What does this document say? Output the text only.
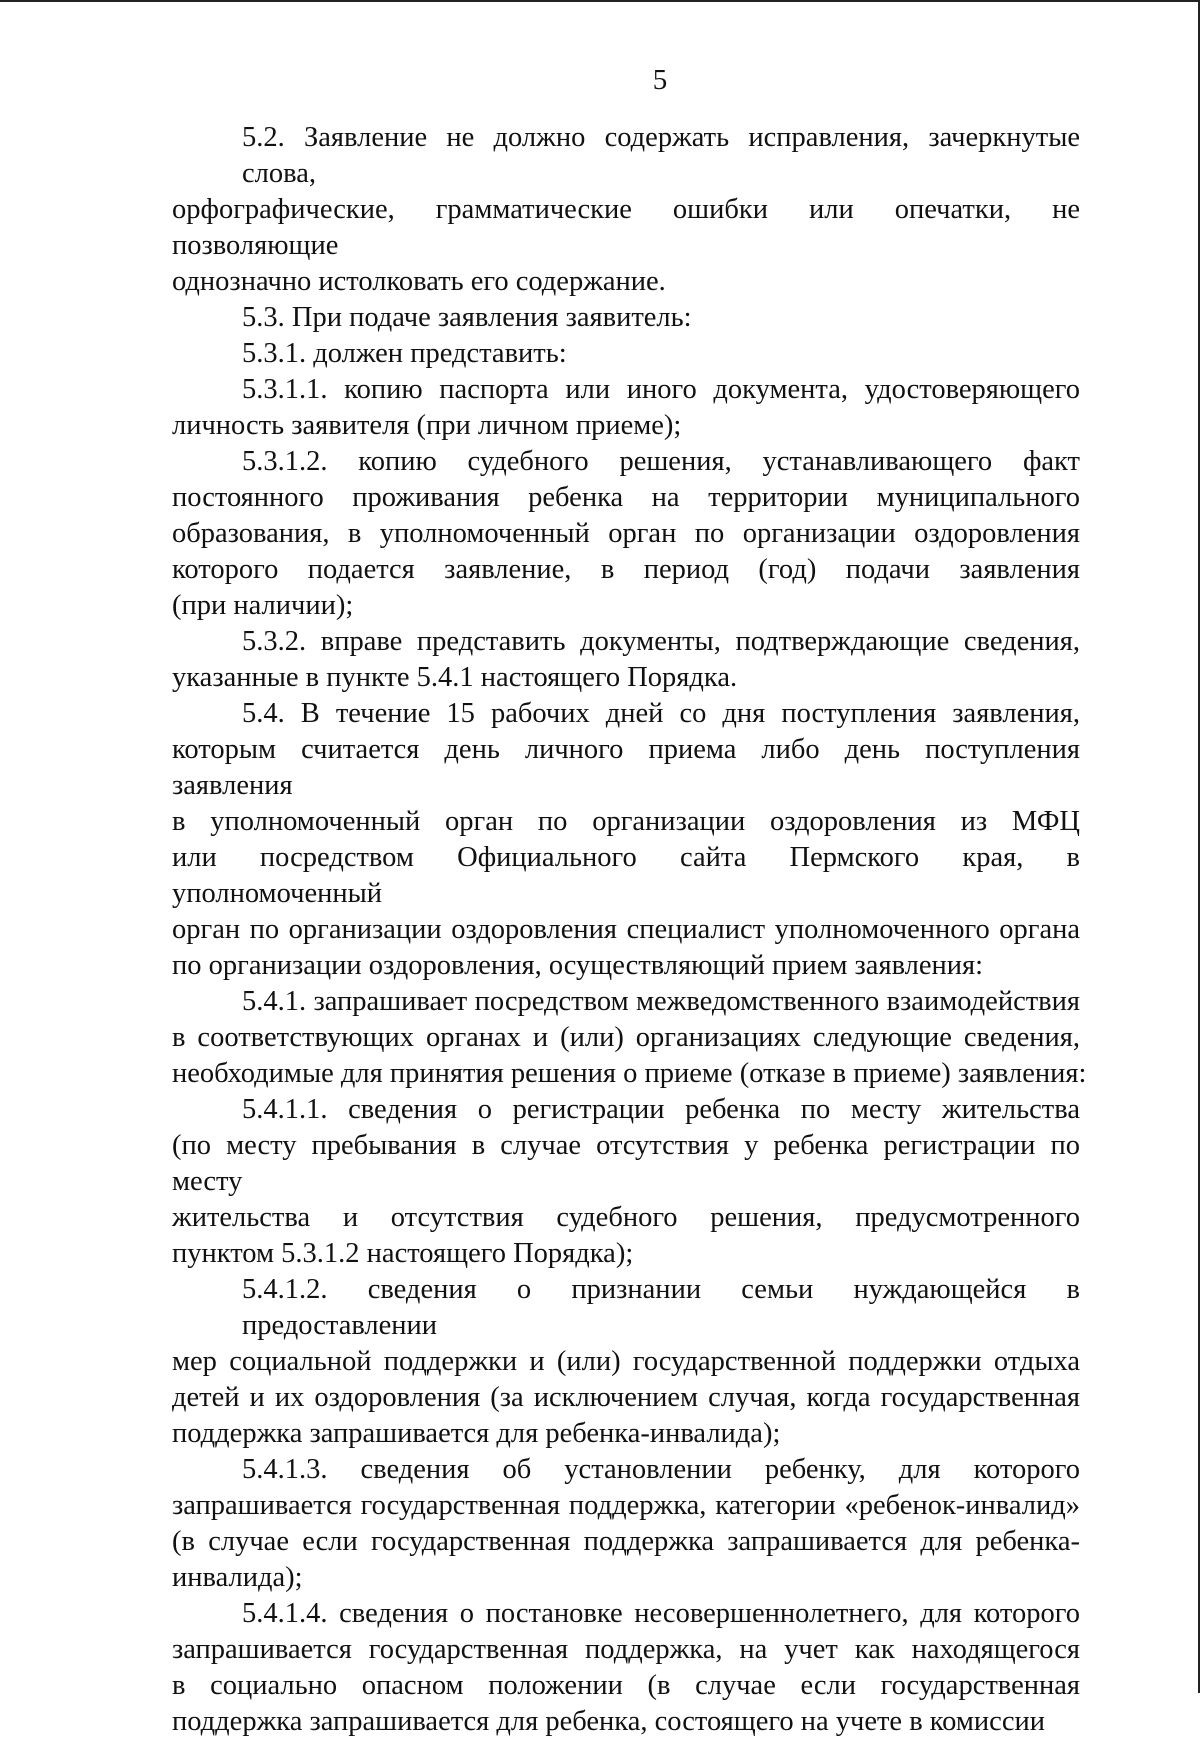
5
5.2. Заявление не должно содержать исправления, зачеркнутые слова,
орфографические, грамматические ошибки или опечатки, не позволяющие
однозначно истолковать его содержание.
5.3. При подаче заявления заявитель:
5.3.1. должен представить:
5.3.1.1. копию паспорта или иного документа, удостоверяющего
личность заявителя (при личном приеме);
5.3.1.2. копию судебного решения, устанавливающего факт
постоянного проживания ребенка на территории муниципального
образования, в уполномоченный орган по организации оздоровления
которого подается заявление, в период (год) подачи заявления
(при наличии);
5.3.2. вправе представить документы, подтверждающие сведения,
указанные в пункте 5.4.1 настоящего Порядка.
5.4. В течение 15 рабочих дней со дня поступления заявления,
которым считается день личного приема либо день поступления заявления
в уполномоченный орган по организации оздоровления из МФЦ
или посредством Официального сайта Пермского края, в уполномоченный
орган по организации оздоровления специалист уполномоченного органа
по организации оздоровления, осуществляющий прием заявления:
5.4.1. запрашивает посредством межведомственного взаимодействия
в соответствующих органах и (или) организациях следующие сведения,
необходимые для принятия решения о приеме (отказе в приеме) заявления:
5.4.1.1. сведения о регистрации ребенка по месту жительства
(по месту пребывания в случае отсутствия у ребенка регистрации по месту
жительства и отсутствия судебного решения, предусмотренного
пунктом 5.3.1.2 настоящего Порядка);
5.4.1.2. сведения о признании семьи нуждающейся в предоставлении
мер социальной поддержки и (или) государственной поддержки отдыха
детей и их оздоровления (за исключением случая, когда государственная
поддержка запрашивается для ребенка-инвалида);
5.4.1.3. сведения об установлении ребенку, для которого
запрашивается государственная поддержка, категории «ребенок-инвалид»
(в случае если государственная поддержка запрашивается для ребенка-
инвалида);
5.4.1.4. сведения о постановке несовершеннолетнего, для которого
запрашивается государственная поддержка, на учет как находящегося
в социально опасном положении (в случае если государственная
поддержка запрашивается для ребенка, состоящего на учете в комиссии
